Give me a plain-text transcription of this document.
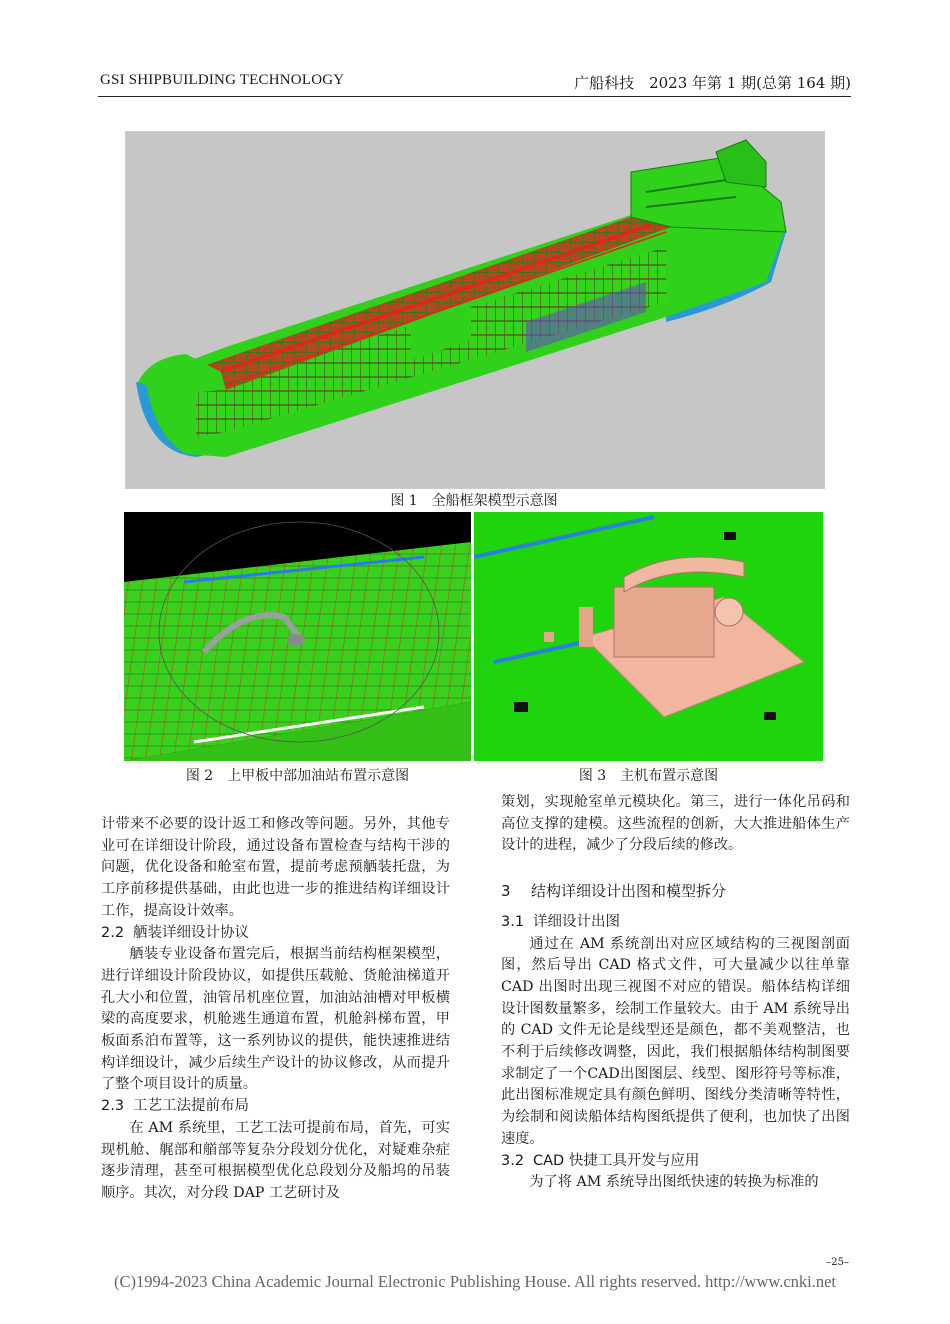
GSI SHIPBUILDING TECHNOLOGY	广船科技　 2023 年第 1 期(总第 164 期)
图 1　全船框架模型示意图
图 2　上甲板中部加油站布置示意图	图 3　主机布置示意图

计带来不必要的设计返工和修改等问题。另外，其他专业可在详细设计阶段，通过设备布置检查与结构干涉的问题，优化设备和舱室布置，提前考虑预舾装托盘，为工序前移提供基础，由此也进一步的推进结构详细设计工作，提高设计效率。

2.2 舾装详细设计协议

舾装专业设备布置完后，根据当前结构框架模型，进行详细设计阶段协议，如提供压载舱、货舱油梯道开孔大小和位置，油管吊机座位置，加油站油槽对甲板横梁的高度要求，机舱逃生通道布置，机舱斜梯布置，甲板面系泊布置等，这一系列协议的提供，能快速推进结构详细设计，减少后续生产设计的协议修改，从而提升了整个项目设计的质量。

2.3 工艺工法提前布局

在 AM 系统里，工艺工法可提前布局，首先，可实现机舱、艉部和艏部等复杂分段划分优化，对疑难杂症逐步清理，甚至可根据模型优化总段划分及船坞的吊装顺序。其次，对分段 DAP 工艺研讨及

策划，实现舱室单元模块化。第三，进行一体化吊码和高位支撑的建模。这些流程的创新，大大推进船体生产设计的进程，减少了分段后续的修改。

3 结构详细设计出图和模型拆分

3.1 详细设计出图

通过在 AM 系统剖出对应区域结构的三视图剖面图，然后导出 CAD 格式文件，可大量减少以往单靠 CAD 出图时出现三视图不对应的错误。船体结构详细设计图数量繁多，绘制工作量较大。由于 AM 系统导出的 CAD 文件无论是线型还是颜色，都不美观整洁，也不利于后续修改调整，因此，我们根据船体结构制图要求制定了一个CAD出图图层、线型、图形符号等标准，此出图标准规定具有颜色鲜明、图线分类清晰等特性，为绘制和阅读船体结构图纸提供了便利，也加快了出图速度。

3.2 CAD 快捷工具开发与应用

为了将 AM 系统导出图纸快速的转换为标准的

–25–
(C)1994-2023 China Academic Journal Electronic Publishing House. All rights reserved. http://www.cnki.net
